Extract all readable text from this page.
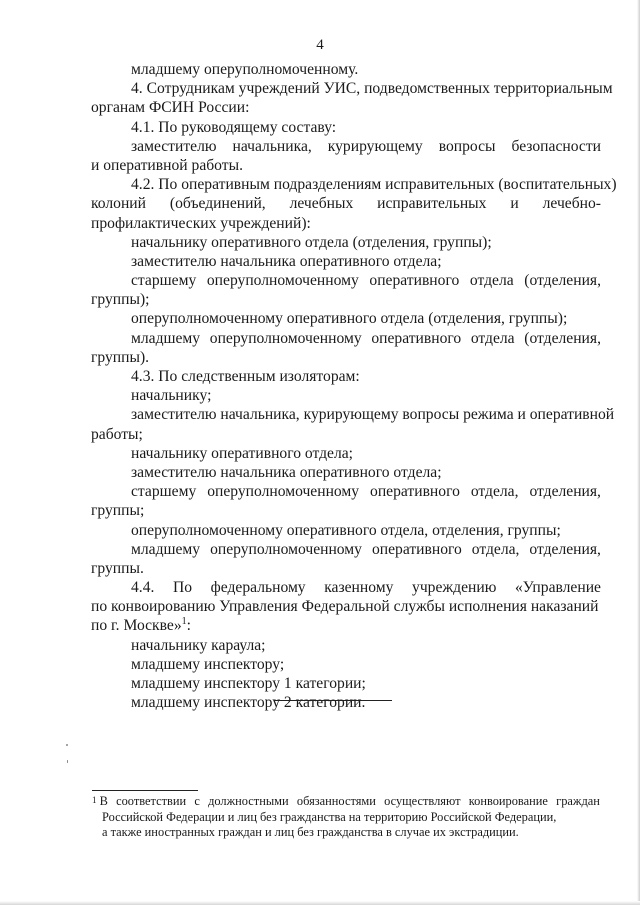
4
младшему оперуполномоченному.
4. Сотрудникам учреждений УИС, подведомственных территориальным
органам ФСИН России:
4.1. По руководящему составу:
заместителю начальника, курирующему вопросы безопасности
и оперативной работы.
4.2. По оперативным подразделениям исправительных (воспитательных)
колоний (объединений, лечебных исправительных и лечебно-
профилактических учреждений):
начальнику оперативного отдела (отделения, группы);
заместителю начальника оперативного отдела;
старшему оперуполномоченному оперативного отдела (отделения,
группы);
оперуполномоченному оперативного отдела (отделения, группы);
младшему оперуполномоченному оперативного отдела (отделения,
группы).
4.3. По следственным изоляторам:
начальнику;
заместителю начальника, курирующему вопросы режима и оперативной
работы;
начальнику оперативного отдела;
заместителю начальника оперативного отдела;
старшему оперуполномоченному оперативного отдела, отделения,
группы;
оперуполномоченному оперативного отдела, отделения, группы;
младшему оперуполномоченному оперативного отдела, отделения,
группы.
4.4. По федеральному казенному учреждению «Управление
по конвоированию Управления Федеральной службы исполнения наказаний
по г. Москве»$^1$:
начальнику караула;
младшему инспектору;
младшему инспектору 1 категории;
младшему инспектору 2 категории.
$^1$ В соответствии с должностными обязанностями осуществляют конвоирование граждан
Российской Федерации и лиц без гражданства на территорию Российской Федерации,
а также иностранных граждан и лиц без гражданства в случае их экстрадиции.
